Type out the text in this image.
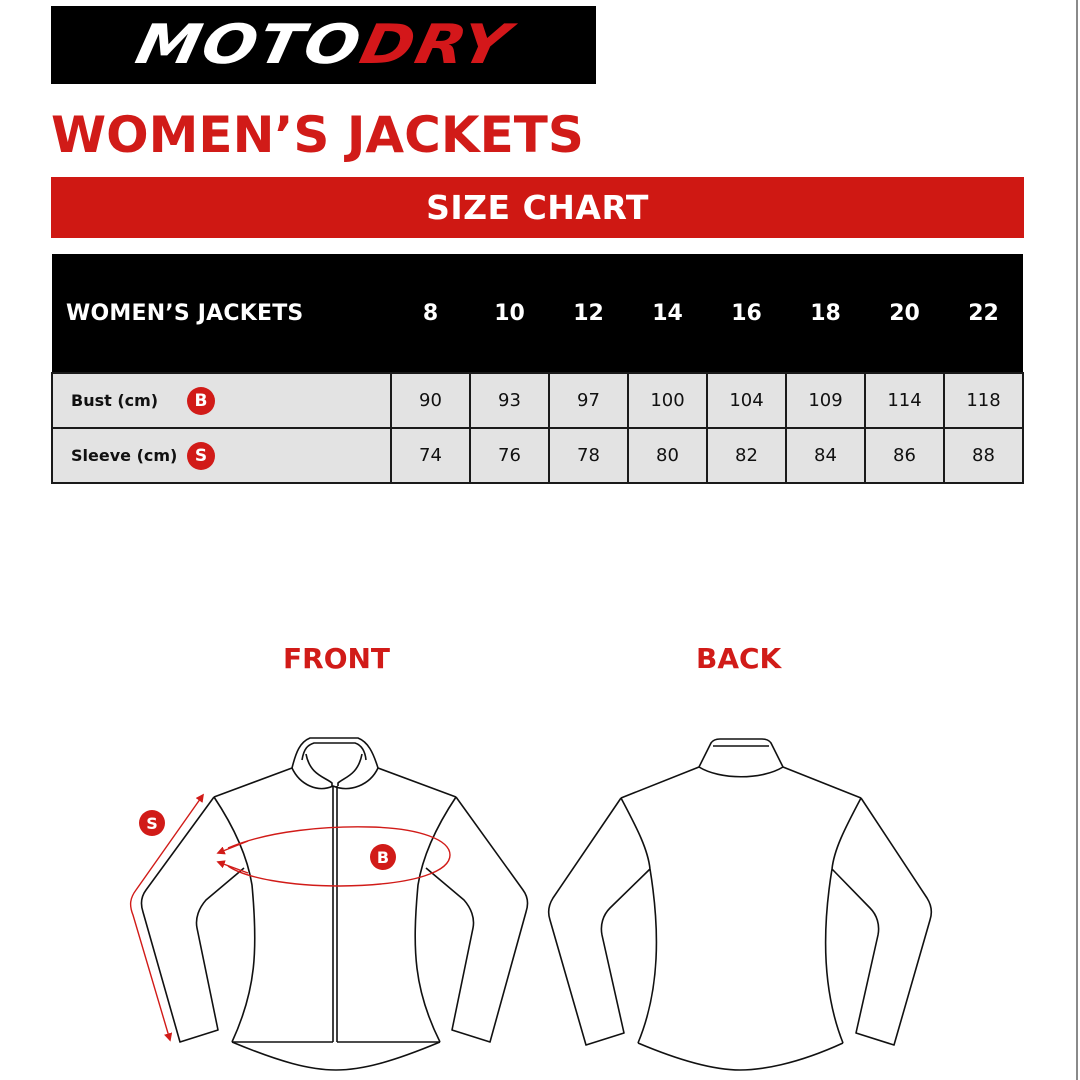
MOTODRY
WOMEN’S JACKETS
SIZE CHART
WOMEN’S JACKETS	8	10	12	14	16	18	20	22

Bust (cm) B	90	93	97	100	104	109	114	118

Sleeve (cm) S	74	76	78	80	82	84	86	88
FRONT	BACK
B
S
